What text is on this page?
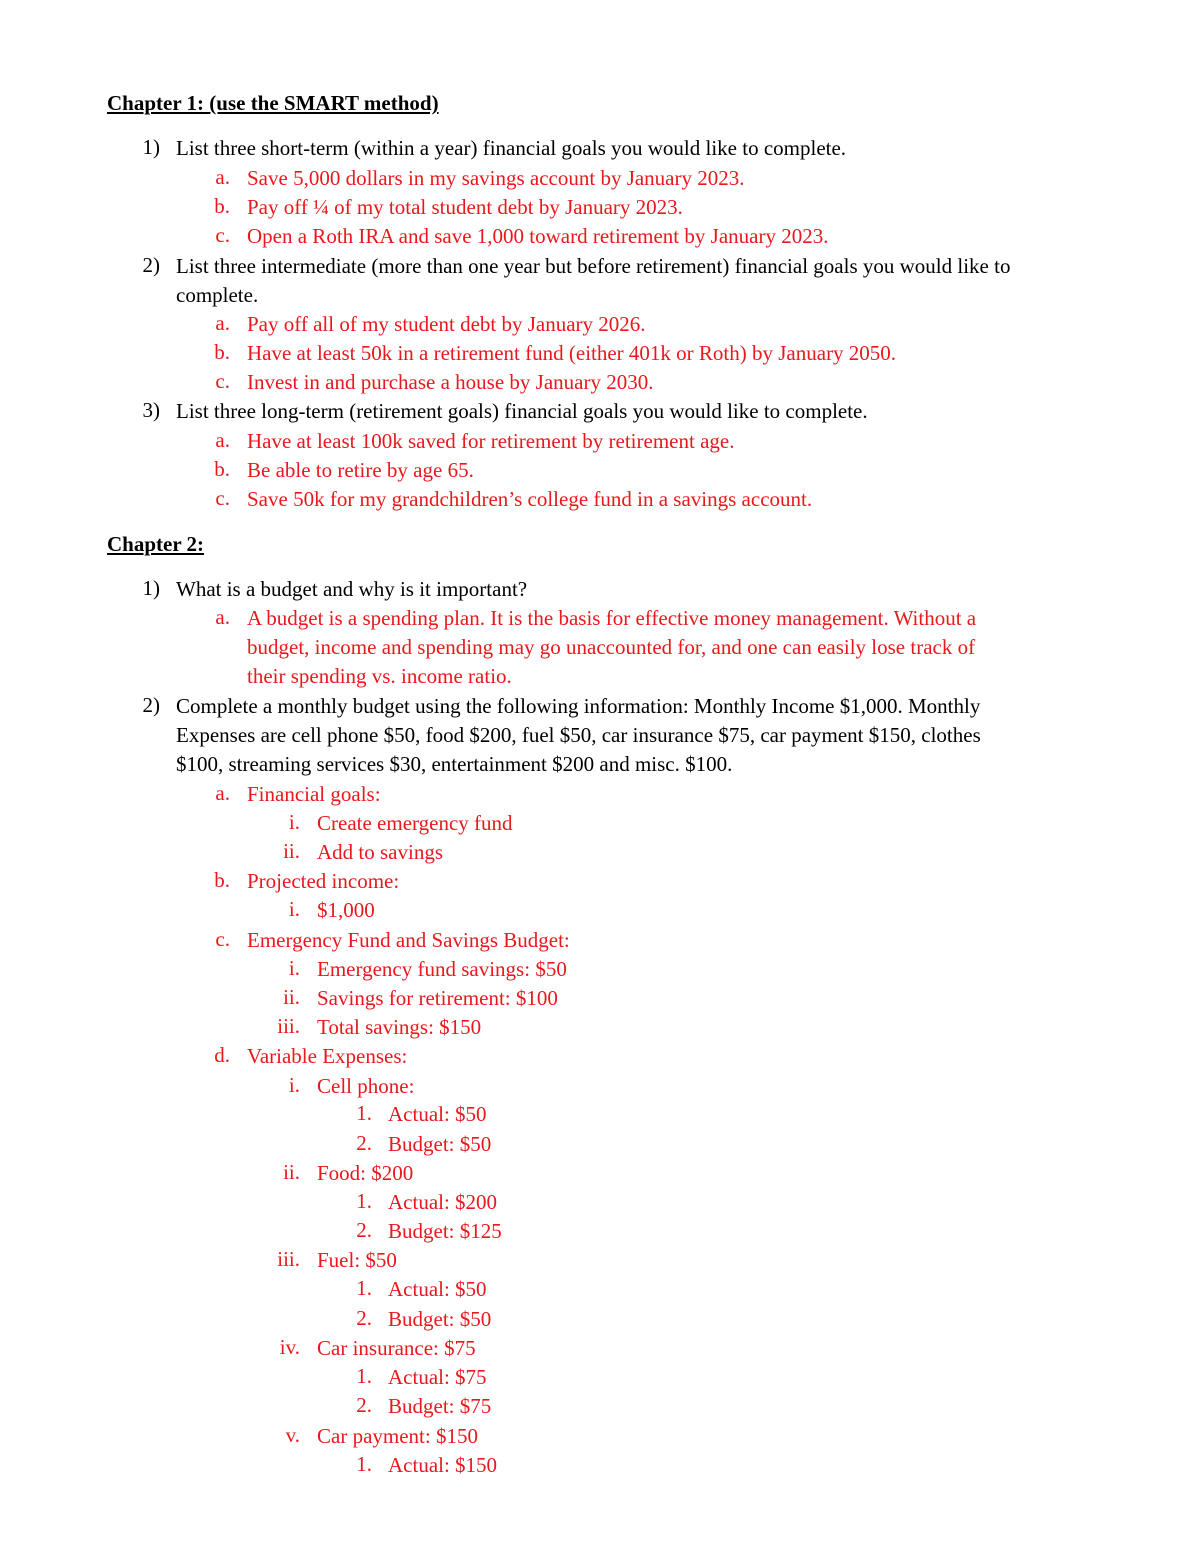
Chapter 1: (use the SMART method)
1) List three short-term (within a year) financial goals you would like to complete.
a. Save 5,000 dollars in my savings account by January 2023.
b. Pay off ¼ of my total student debt by January 2023.
c. Open a Roth IRA and save 1,000 toward retirement by January 2023.
2) List three intermediate (more than one year but before retirement) financial goals you would like to
complete.
a. Pay off all of my student debt by January 2026.
b. Have at least 50k in a retirement fund (either 401k or Roth) by January 2050.
c. Invest in and purchase a house by January 2030.
3) List three long-term (retirement goals) financial goals you would like to complete.
a. Have at least 100k saved for retirement by retirement age.
b. Be able to retire by age 65.
c. Save 50k for my grandchildren’s college fund in a savings account.
Chapter 2:
1) What is a budget and why is it important?
a. A budget is a spending plan. It is the basis for effective money management. Without a
budget, income and spending may go unaccounted for, and one can easily lose track of
their spending vs. income ratio.
2) Complete a monthly budget using the following information: Monthly Income $1,000. Monthly
Expenses are cell phone $50, food $200, fuel $50, car insurance $75, car payment $150, clothes
$100, streaming services $30, entertainment $200 and misc. $100.
a. Financial goals:
i. Create emergency fund
ii. Add to savings
b. Projected income:
i. $1,000
c. Emergency Fund and Savings Budget:
i. Emergency fund savings: $50
ii. Savings for retirement: $100
iii. Total savings: $150
d. Variable Expenses:
i. Cell phone:
1. Actual: $50
2. Budget: $50
ii. Food: $200
1. Actual: $200
2. Budget: $125
iii. Fuel: $50
1. Actual: $50
2. Budget: $50
iv. Car insurance: $75
1. Actual: $75
2. Budget: $75
v. Car payment: $150
1. Actual: $150
